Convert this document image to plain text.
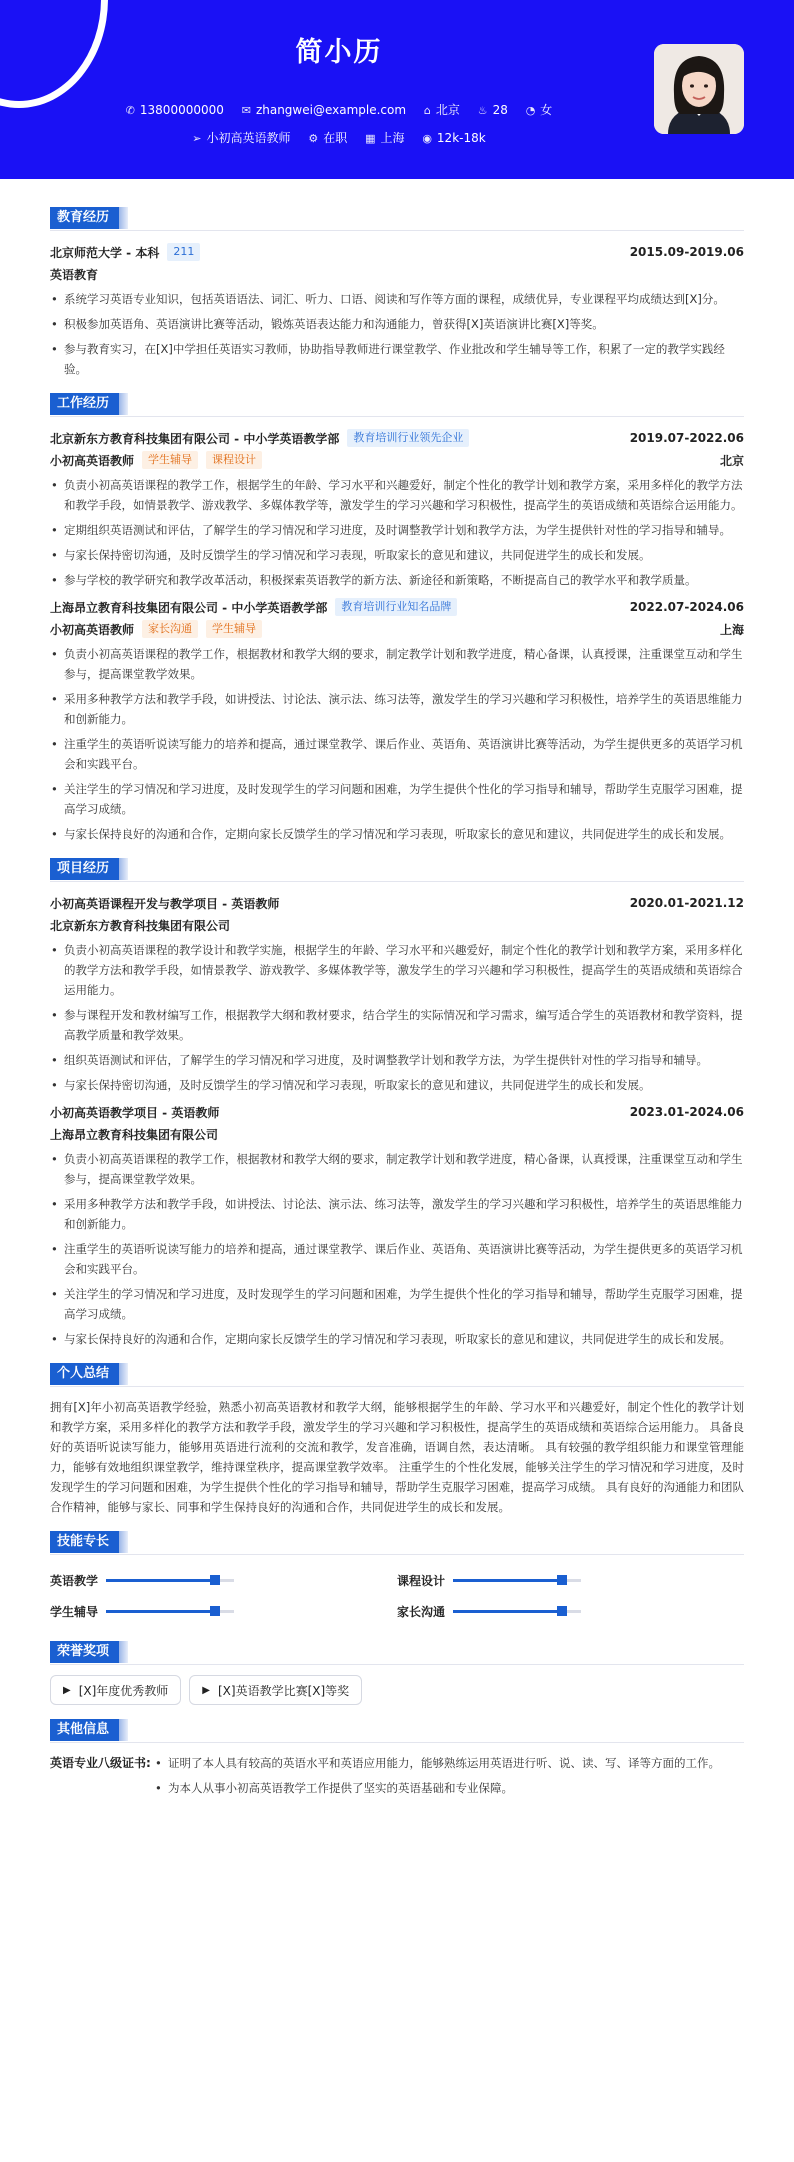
简小历
✆ 13800000000 ✉ zhangwei@example.com ⌂ 北京 ♨ 28 ◔ 女
➢ 小初高英语教师 ⚙ 在职 ▦ 上海 ◉ 12k-18k
教育经历
北京师范大学 - 本科	211	2015.09-2019.06
英语教育
• 系统学习英语专业知识，包括英语语法、词汇、听力、口语、阅读和写作等方面的课程，成绩优异，专业课程平均成绩达到[X]分。
• 积极参加英语角、英语演讲比赛等活动，锻炼英语表达能力和沟通能力，曾获得[X]英语演讲比赛[X]等奖。
• 参与教育实习，在[X]中学担任英语实习教师，协助指导教师进行课堂教学、作业批改和学生辅导等工作，积累了一定的教学实践经验。
工作经历
北京新东方教育科技集团有限公司 - 中小学英语教学部	教育培训行业领先企业	2019.07-2022.06
小初高英语教师	学生辅导	课程设计	北京
• 负责小初高英语课程的教学工作，根据学生的年龄、学习水平和兴趣爱好，制定个性化的教学计划和教学方案，采用多样化的教学方法和教学手段，如情景教学、游戏教学、多媒体教学等，激发学生的学习兴趣和学习积极性，提高学生的英语成绩和英语综合运用能力。
• 定期组织英语测试和评估，了解学生的学习情况和学习进度，及时调整教学计划和教学方法，为学生提供针对性的学习指导和辅导。
• 与家长保持密切沟通，及时反馈学生的学习情况和学习表现，听取家长的意见和建议，共同促进学生的成长和发展。
• 参与学校的教学研究和教学改革活动，积极探索英语教学的新方法、新途径和新策略，不断提高自己的教学水平和教学质量。
上海昂立教育科技集团有限公司 - 中小学英语教学部	教育培训行业知名品牌	2022.07-2024.06
小初高英语教师	家长沟通	学生辅导	上海
• 负责小初高英语课程的教学工作，根据教材和教学大纲的要求，制定教学计划和教学进度，精心备课，认真授课，注重课堂互动和学生参与，提高课堂教学效果。
• 采用多种教学方法和教学手段，如讲授法、讨论法、演示法、练习法等，激发学生的学习兴趣和学习积极性，培养学生的英语思维能力和创新能力。
• 注重学生的英语听说读写能力的培养和提高，通过课堂教学、课后作业、英语角、英语演讲比赛等活动，为学生提供更多的英语学习机会和实践平台。
• 关注学生的学习情况和学习进度，及时发现学生的学习问题和困难，为学生提供个性化的学习指导和辅导，帮助学生克服学习困难，提高学习成绩。
• 与家长保持良好的沟通和合作，定期向家长反馈学生的学习情况和学习表现，听取家长的意见和建议，共同促进学生的成长和发展。
项目经历
小初高英语课程开发与教学项目 - 英语教师	2020.01-2021.12
北京新东方教育科技集团有限公司
• 负责小初高英语课程的教学设计和教学实施，根据学生的年龄、学习水平和兴趣爱好，制定个性化的教学计划和教学方案，采用多样化的教学方法和教学手段，如情景教学、游戏教学、多媒体教学等，激发学生的学习兴趣和学习积极性，提高学生的英语成绩和英语综合运用能力。
• 参与课程开发和教材编写工作，根据教学大纲和教材要求，结合学生的实际情况和学习需求，编写适合学生的英语教材和教学资料，提高教学质量和教学效果。
• 组织英语测试和评估，了解学生的学习情况和学习进度，及时调整教学计划和教学方法，为学生提供针对性的学习指导和辅导。
• 与家长保持密切沟通，及时反馈学生的学习情况和学习表现，听取家长的意见和建议，共同促进学生的成长和发展。
小初高英语教学项目 - 英语教师	2023.01-2024.06
上海昂立教育科技集团有限公司
• 负责小初高英语课程的教学工作，根据教材和教学大纲的要求，制定教学计划和教学进度，精心备课，认真授课，注重课堂互动和学生参与，提高课堂教学效果。
• 采用多种教学方法和教学手段，如讲授法、讨论法、演示法、练习法等，激发学生的学习兴趣和学习积极性，培养学生的英语思维能力和创新能力。
• 注重学生的英语听说读写能力的培养和提高，通过课堂教学、课后作业、英语角、英语演讲比赛等活动，为学生提供更多的英语学习机会和实践平台。
• 关注学生的学习情况和学习进度，及时发现学生的学习问题和困难，为学生提供个性化的学习指导和辅导，帮助学生克服学习困难，提高学习成绩。
• 与家长保持良好的沟通和合作，定期向家长反馈学生的学习情况和学习表现，听取家长的意见和建议，共同促进学生的成长和发展。
个人总结

拥有[X]年小初高英语教学经验，熟悉小初高英语教材和教学大纲，能够根据学生的年龄、学习水平和兴趣爱好，制定个性化的教学计划和教学方案，采用多样化的教学方法和教学手段，激发学生的学习兴趣和学习积极性，提高学生的英语成绩和英语综合运用能力。 具备良好的英语听说读写能力，能够用英语进行流利的交流和教学，发音准确，语调自然，表达清晰。 具有较强的教学组织能力和课堂管理能力，能够有效地组织课堂教学，维持课堂秩序，提高课堂教学效率。 注重学生的个性化发展，能够关注学生的学习情况和学习进度，及时发现学生的学习问题和困难，为学生提供个性化的学习指导和辅导，帮助学生克服学习困难，提高学习成绩。 具有良好的沟通能力和团队合作精神，能够与家长、同事和学生保持良好的沟通和合作，共同促进学生的成长和发展。

技能专长
英语教学	课程设计
学生辅导	家长沟通
荣誉奖项
▶ [X]年度优秀教师	▶ [X]英语教学比赛[X]等奖
其他信息
英语专业八级证书:
•	证明了本人具有较高的英语水平和英语应用能力，能够熟练运用英语进行听、说、读、写、译等方面的工作。
• 为本人从事小初高英语教学工作提供了坚实的英语基础和专业保障。
